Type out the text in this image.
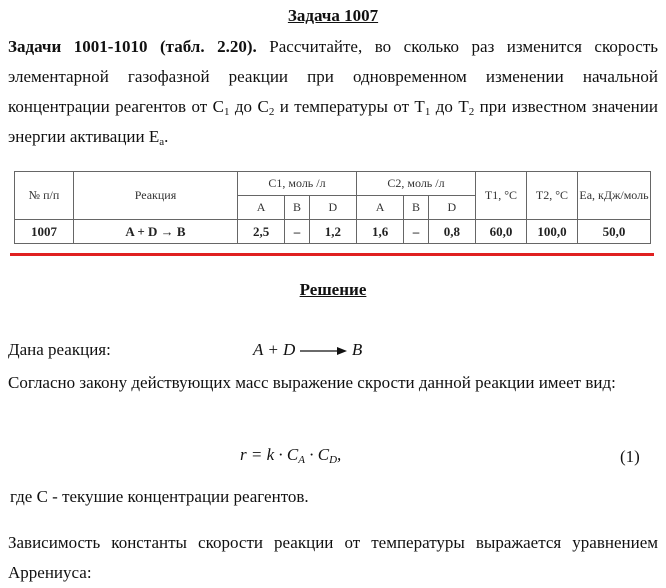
Задача 1007
Задачи 1001-1010 (табл. 2.20). Рассчитайте, во сколько раз изменится скорость элементарной газофазной реакции при одновременном изменении начальной концентрации реагентов от $C_1$ до $C_2$ и температуры от $T_1$ до $T_2$ при известном значении энергии активации $E_a$.
№ п/п	Реакция	C1, моль /л			C2, моль /л			T1, °C	T2, °C	Ea, кДж/моль
		A	B	D	A	B	D			
1007	A + D → B	2,5	–	1,2	1,6	–	0,8	60,0	100,0	50,0
Решение
Дана реакция:	A + D	B
Согласно закону действующих масс выражение скрости данной реакции имеет вид:
$r = k \cdot C_A \cdot C_D$,	(1)
где С - текушие концентрации реагентов.
Зависимость константы скорости реакции от температуры выражается уравнением Аррениуса:
